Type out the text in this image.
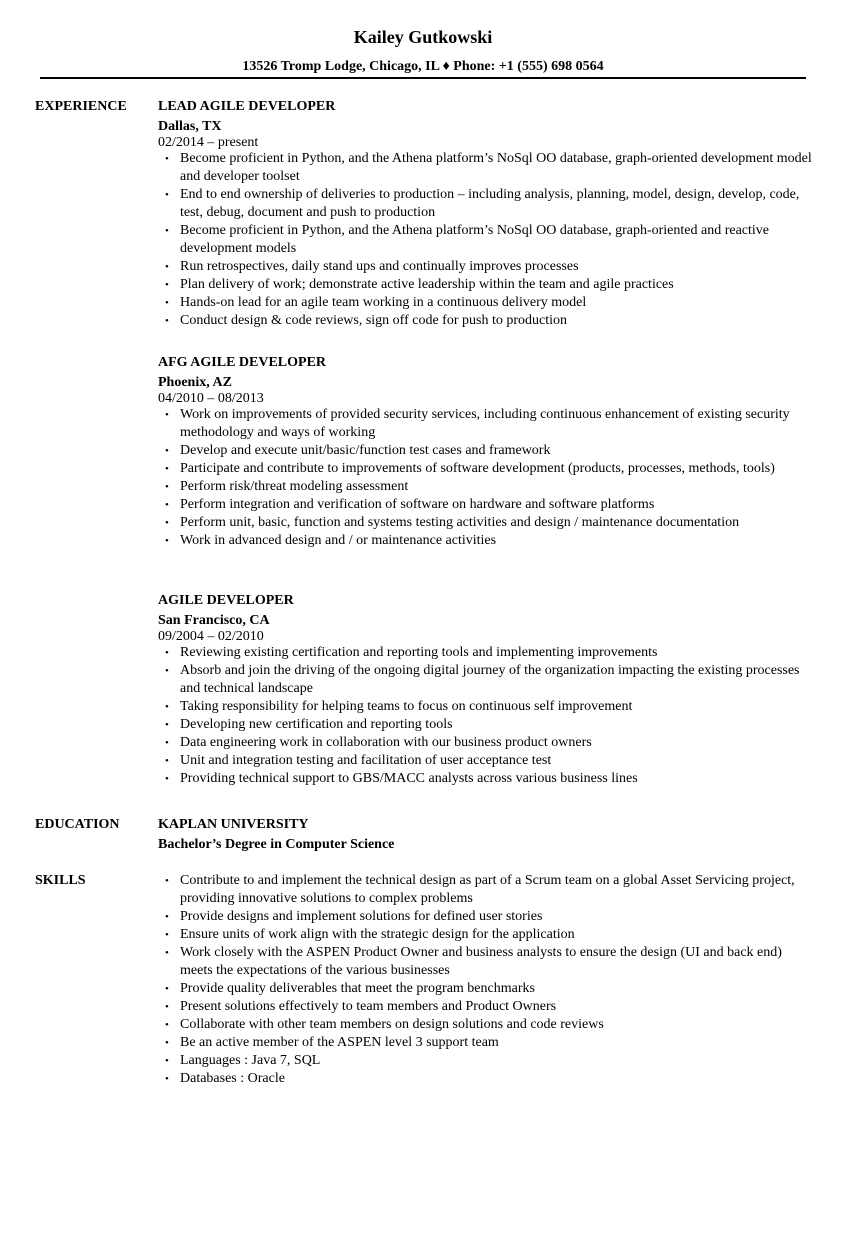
Kailey Gutkowski
13526 Tromp Lodge, Chicago, IL ♦ Phone: +1 (555) 698 0564
EXPERIENCE LEAD AGILE DEVELOPER
Dallas, TX
02/2014 – present
• Become proficient in Python, and the Athena platform’s NoSql OO database, graph-oriented development model and developer toolset
• End to end ownership of deliveries to production – including analysis, planning, model, design, develop, code, test, debug, document and push to production
• Become proficient in Python, and the Athena platform’s NoSql OO database, graph-oriented and reactive development models
• Run retrospectives, daily stand ups and continually improves processes
• Plan delivery of work; demonstrate active leadership within the team and agile practices
• Hands-on lead for an agile team working in a continuous delivery model
• Conduct design & code reviews, sign off code for push to production
AFG AGILE DEVELOPER
Phoenix, AZ
04/2010 – 08/2013
• Work on improvements of provided security services, including continuous enhancement of existing security methodology and ways of working
• Develop and execute unit/basic/function test cases and framework
• Participate and contribute to improvements of software development (products, processes, methods, tools)
• Perform risk/threat modeling assessment
• Perform integration and verification of software on hardware and software platforms
• Perform unit, basic, function and systems testing activities and design / maintenance documentation
• Work in advanced design and / or maintenance activities
AGILE DEVELOPER
San Francisco, CA
09/2004 – 02/2010
• Reviewing existing certification and reporting tools and implementing improvements
• Absorb and join the driving of the ongoing digital journey of the organization impacting the existing processes and technical landscape
• Taking responsibility for helping teams to focus on continuous self improvement
• Developing new certification and reporting tools
• Data engineering work in collaboration with our business product owners
• Unit and integration testing and facilitation of user acceptance test
• Providing technical support to GBS/MACC analysts across various business lines
EDUCATION	KAPLAN UNIVERSITY
Bachelor’s Degree in Computer Science
SKILLS	• Contribute to and implement the technical design as part of a Scrum team on a global Asset Servicing project, providing innovative solutions to complex problems
• Provide designs and implement solutions for defined user stories
• Ensure units of work align with the strategic design for the application
• Work closely with the ASPEN Product Owner and business analysts to ensure the design (UI and back end) meets the expectations of the various businesses
• Provide quality deliverables that meet the program benchmarks
• Present solutions effectively to team members and Product Owners
• Collaborate with other team members on design solutions and code reviews
• Be an active member of the ASPEN level 3 support team
• Languages : Java 7, SQL
• Databases : Oracle
